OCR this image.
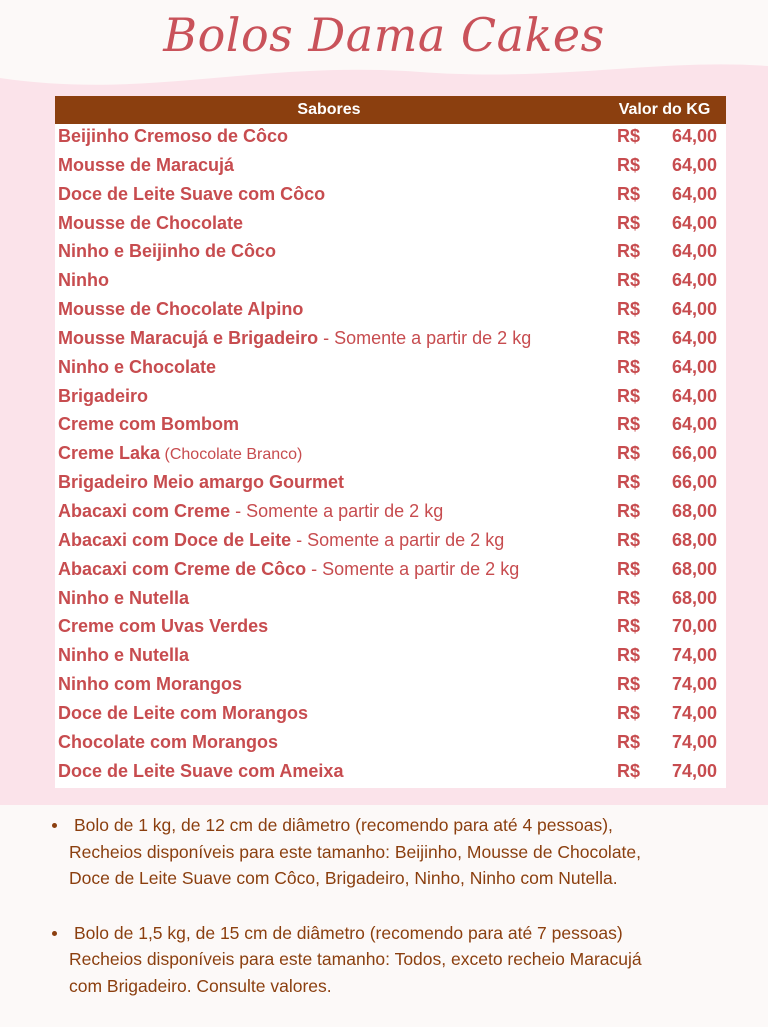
Bolos Dama Cakes
Sabores	Valor do KG
Beijinho Cremoso de Côco	R$ 64,00
Mousse de Maracujá	R$ 64,00
Doce de Leite Suave com Côco	R$ 64,00
Mousse de Chocolate	R$ 64,00
Ninho e Beijinho de Côco	R$ 64,00
Ninho	R$ 64,00
Mousse de Chocolate Alpino	R$ 64,00
Mousse Maracujá e Brigadeiro - Somente a partir de 2 kg	R$ 64,00
Ninho e Chocolate	R$ 64,00
Brigadeiro	R$ 64,00
Creme com Bombom	R$ 64,00
Creme Laka (Chocolate Branco)	R$ 66,00
Brigadeiro Meio amargo Gourmet	R$ 66,00
Abacaxi com Creme - Somente a partir de 2 kg	R$ 68,00
Abacaxi com Doce de Leite - Somente a partir de 2 kg	R$ 68,00
Abacaxi com Creme de Côco - Somente a partir de 2 kg	R$ 68,00
Ninho e Nutella	R$ 68,00
Creme com Uvas Verdes	R$ 70,00
Ninho e Nutella	R$ 74,00
Ninho com Morangos	R$ 74,00
Doce de Leite com Morangos	R$ 74,00
Chocolate com Morangos	R$ 74,00
Doce de Leite Suave com Ameixa	R$ 74,00
Bolo de 1 kg, de 12 cm de diâmetro (recomendo para até 4 pessoas),
Recheios disponíveis para este tamanho: Beijinho, Mousse de Chocolate,
Doce de Leite Suave com Côco, Brigadeiro, Ninho, Ninho com Nutella.
Bolo de 1,5 kg, de 15 cm de diâmetro (recomendo para até 7 pessoas)
Recheios disponíveis para este tamanho: Todos, exceto recheio Maracujá
com Brigadeiro. Consulte valores.
